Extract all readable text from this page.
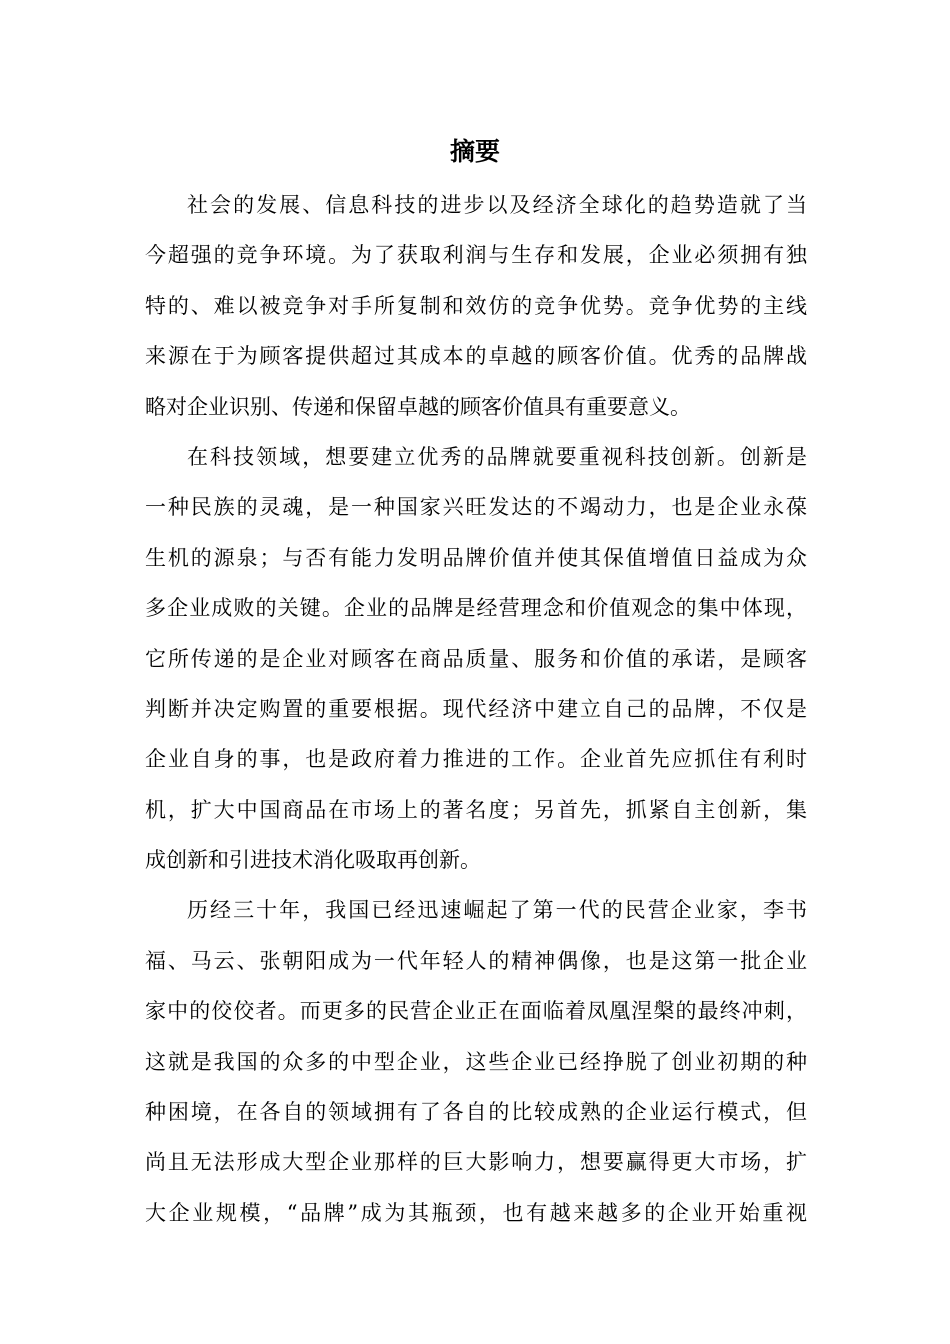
摘要
社会的发展、信息科技的进步以及经济全球化的趋势造就了当
今超强的竞争环境。为了获取利润与生存和发展，企业必须拥有独
特的、难以被竞争对手所复制和效仿的竞争优势。竞争优势的主线
来源在于为顾客提供超过其成本的卓越的顾客价值。优秀的品牌战
略对企业识别、传递和保留卓越的顾客价值具有重要意义。
在科技领域，想要建立优秀的品牌就要重视科技创新。创新是
一种民族的灵魂，是一种国家兴旺发达的不竭动力，也是企业永葆
生机的源泉；与否有能力发明品牌价值并使其保值增值日益成为众
多企业成败的关键。企业的品牌是经营理念和价值观念的集中体现，
它所传递的是企业对顾客在商品质量、服务和价值的承诺，是顾客
判断并决定购置的重要根据。现代经济中建立自己的品牌，不仅是
企业自身的事，也是政府着力推进的工作。企业首先应抓住有利时
机，扩大中国商品在市场上的著名度；另首先，抓紧自主创新，集
成创新和引进技术消化吸取再创新。
历经三十年，我国已经迅速崛起了第一代的民营企业家，李书
福、马云、张朝阳成为一代年轻人的精神偶像，也是这第一批企业
家中的佼佼者。而更多的民营企业正在面临着凤凰涅槃的最终冲刺，
这就是我国的众多的中型企业，这些企业已经挣脱了创业初期的种
种困境，在各自的领域拥有了各自的比较成熟的企业运行模式，但
尚且无法形成大型企业那样的巨大影响力，想要赢得更大市场，扩
大企业规模，“品牌”成为其瓶颈，也有越来越多的企业开始重视
